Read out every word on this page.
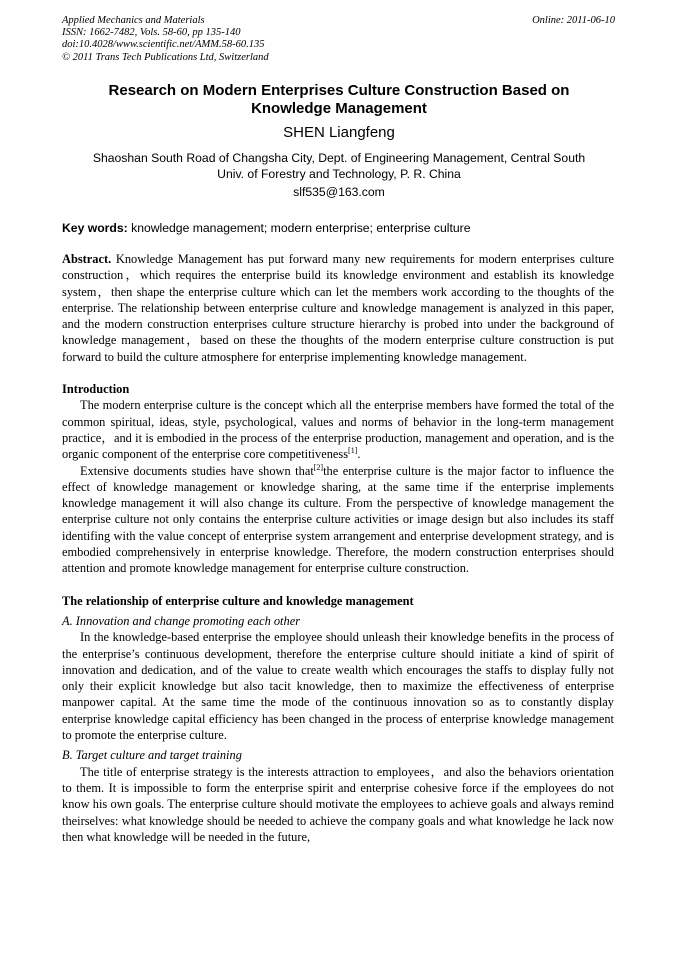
Applied Mechanics and Materials
ISSN: 1662-7482, Vols. 58-60, pp 135-140
doi:10.4028/www.scientific.net/AMM.58-60.135
© 2011 Trans Tech Publications Ltd, Switzerland
Online: 2011-06-10
Research on Modern Enterprises Culture Construction Based on
Knowledge Management
SHEN Liangfeng
Shaoshan South Road of Changsha City, Dept. of Engineering Management, Central South Univ. of Forestry and Technology, P. R. China
slf535@163.com
Key words: knowledge management; modern enterprise; enterprise culture

Abstract. Knowledge Management has put forward many new requirements for modern enterprises culture construction，which requires the enterprise build its knowledge environment and establish its knowledge system，then shape the enterprise culture which can let the members work according to the thoughts of the enterprise. The relationship between enterprise culture and knowledge management is analyzed in this paper, and the modern construction enterprises culture structure hierarchy is probed into under the background of knowledge management，based on these the thoughts of the modern enterprise culture construction is put forward to build the culture atmosphere for enterprise implementing knowledge management.

Introduction

The modern enterprise culture is the concept which all the enterprise members have formed the total of the common spiritual, ideas, style, psychological, values and norms of behavior in the long-term management practice，and it is embodied in the process of the enterprise production, management and operation, and is the organic component of the enterprise core competitiveness[1].

Extensive documents studies have shown that[2]the enterprise culture is the major factor to influence the effect of knowledge management or knowledge sharing, at the same time if the enterprise implements knowledge management it will also change its culture. From the perspective of knowledge management the enterprise culture not only contains the enterprise culture activities or image design but also includes its staff identifing with the value concept of enterprise system arrangement and enterprise development strategy, and is embodied comprehensively in enterprise knowledge. Therefore, the modern construction enterprises should attention and promote knowledge management for enterprise culture construction.

The relationship of enterprise culture and knowledge management

A. Innovation and change promoting each other

In the knowledge-based enterprise the employee should unleash their knowledge benefits in the process of the enterprise’s continuous development, therefore the enterprise culture should initiate a kind of spirit of innovation and dedication, and of the value to create wealth which encourages the staffs to display fully not only their explicit knowledge but also tacit knowledge, then to maximize the effectiveness of enterprise manpower capital. At the same time the mode of the continuous innovation so as to constantly display enterprise knowledge capital efficiency has been changed in the process of enterprise knowledge management to promote the enterprise culture.

B. Target culture and target training

The title of enterprise strategy is the interests attraction to employees，and also the behaviors orientation to them. It is impossible to form the enterprise spirit and enterprise cohesive force if the employees do not know his own goals. The enterprise culture should motivate the employees to achieve goals and always remind theirselves: what knowledge should be needed to achieve the company goals and what knowledge he lack now then what knowledge will be needed in the future,
